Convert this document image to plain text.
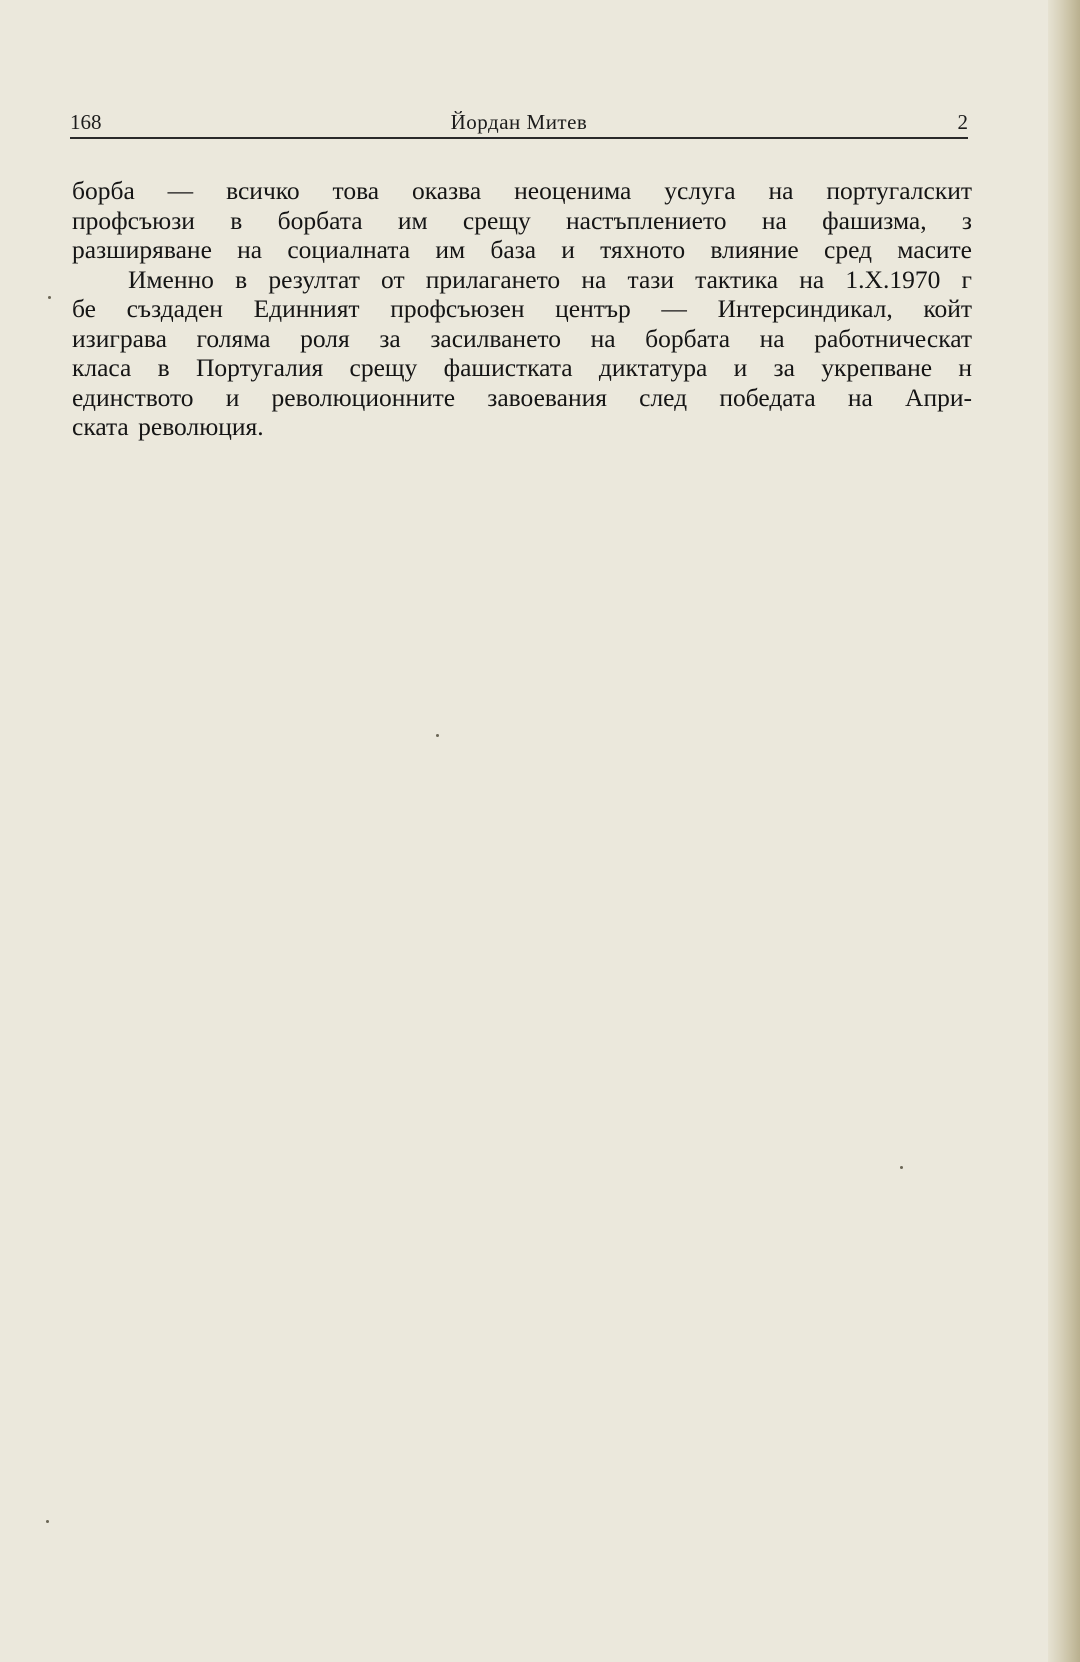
168	Йордан Митев	2
борба — всичко това оказва неоценима услуга на португалскит
профсъюзи в борбата им срещу настъплението на фашизма, з
разширяване на социалната им база и тяхното влияние сред масите
Именно в резултат от прилагането на тази тактика на 1.X.1970 г
бе създаден Единният профсъюзен център — Интерсиндикал, койт
изиграва голяма роля за засилването на борбата на работническат
класа в Португалия срещу фашистката диктатура и за укрепване н
единството и революционните завоевания след победата на Апри-
ската революция.
